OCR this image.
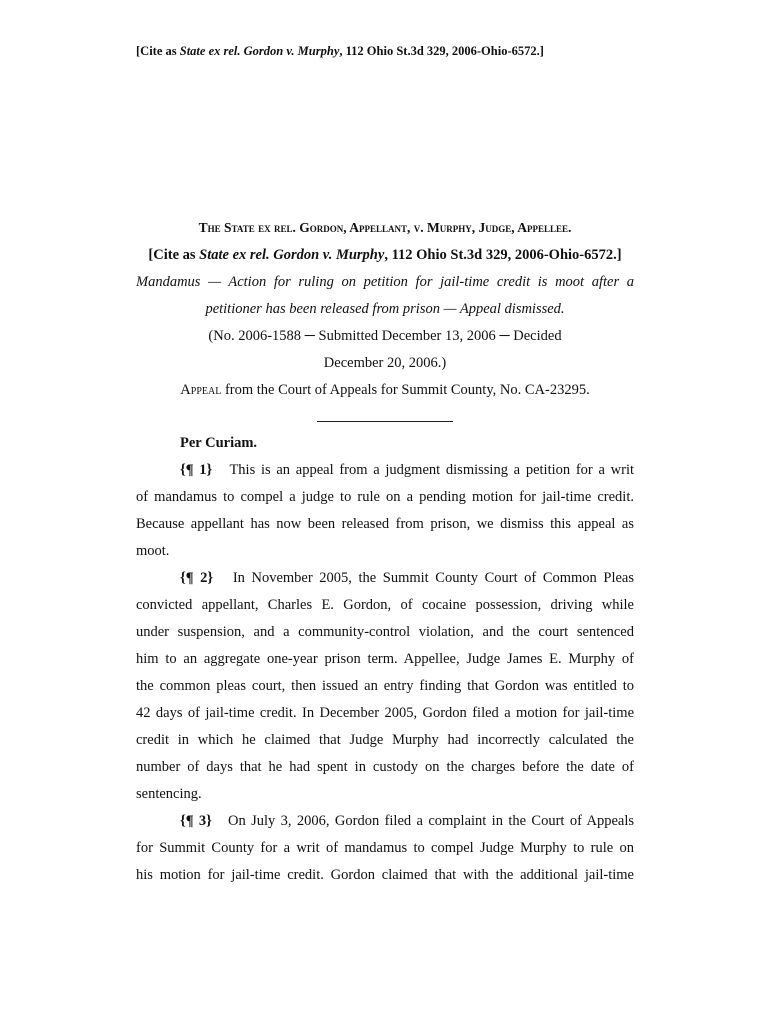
[Cite as State ex rel. Gordon v. Murphy, 112 Ohio St.3d 329, 2006-Ohio-6572.]
The State ex rel. Gordon, Appellant, v. Murphy, Judge, Appellee.
[Cite as State ex rel. Gordon v. Murphy, 112 Ohio St.3d 329, 2006-Ohio-6572.]
Mandamus — Action for ruling on petition for jail-time credit is moot after a
petitioner has been released from prison — Appeal dismissed.
(No. 2006-1588 ─ Submitted December 13, 2006 ─ Decided
December 20, 2006.)
Appeal from the Court of Appeals for Summit County, No. CA-23295.
Per Curiam.
{¶ 1} This is an appeal from a judgment dismissing a petition for a writ
of mandamus to compel a judge to rule on a pending motion for jail-time credit.
Because appellant has now been released from prison, we dismiss this appeal as
moot.
{¶ 2} In November 2005, the Summit County Court of Common Pleas
convicted appellant, Charles E. Gordon, of cocaine possession, driving while
under suspension, and a community-control violation, and the court sentenced
him to an aggregate one-year prison term. Appellee, Judge James E. Murphy of
the common pleas court, then issued an entry finding that Gordon was entitled to
42 days of jail-time credit. In December 2005, Gordon filed a motion for jail-time
credit in which he claimed that Judge Murphy had incorrectly calculated the
number of days that he had spent in custody on the charges before the date of
sentencing.
{¶ 3} On July 3, 2006, Gordon filed a complaint in the Court of Appeals
for Summit County for a writ of mandamus to compel Judge Murphy to rule on
his motion for jail-time credit. Gordon claimed that with the additional jail-time
